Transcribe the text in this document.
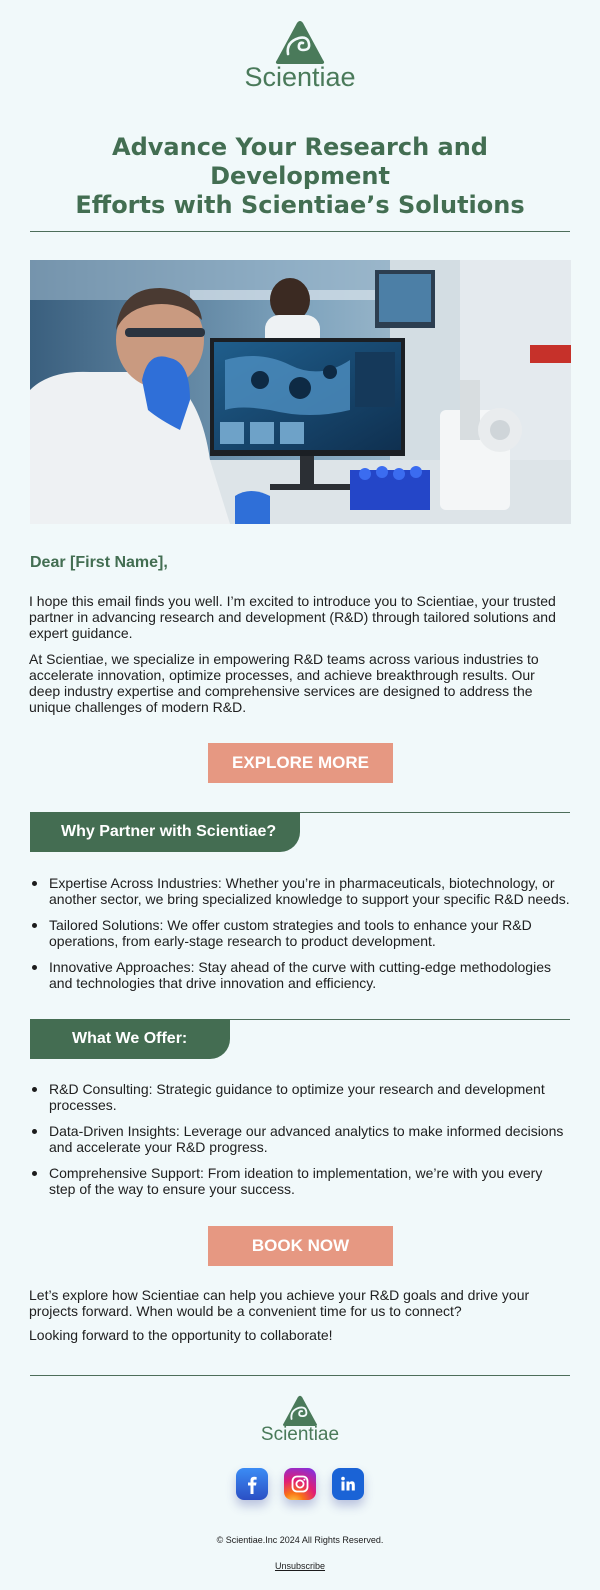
Scientiae
Advance Your Research and Development
Efforts with Scientiae’s Solutions
Dear [First Name],

I hope this email finds you well. I’m excited to introduce you to Scientiae, your trusted
partner in advancing research and development (R&D) through tailored solutions and
expert guidance.

At Scientiae, we specialize in empowering R&D teams across various industries to
accelerate innovation, optimize processes, and achieve breakthrough results. Our
deep industry expertise and comprehensive services are designed to address the
unique challenges of modern R&D.

EXPLORE MORE
Why Partner with Scientiae?
Expertise Across Industries: Whether you’re in pharmaceuticals, biotechnology, or
another sector, we bring specialized knowledge to support your specific R&D needs.
Tailored Solutions: We offer custom strategies and tools to enhance your R&D
operations, from early-stage research to product development.
Innovative Approaches: Stay ahead of the curve with cutting-edge methodologies
and technologies that drive innovation and efficiency.
What We Offer:
R&D Consulting: Strategic guidance to optimize your research and development
processes.
Data-Driven Insights: Leverage our advanced analytics to make informed decisions
and accelerate your R&D progress.
Comprehensive Support: From ideation to implementation, we’re with you every
step of the way to ensure your success.
BOOK NOW

Let’s explore how Scientiae can help you achieve your R&D goals and drive your
projects forward. When would be a convenient time for us to connect?

Looking forward to the opportunity to collaborate!

Scientiae
© Scientiae.Inc 2024 All Rights Reserved.
Unsubscribe
